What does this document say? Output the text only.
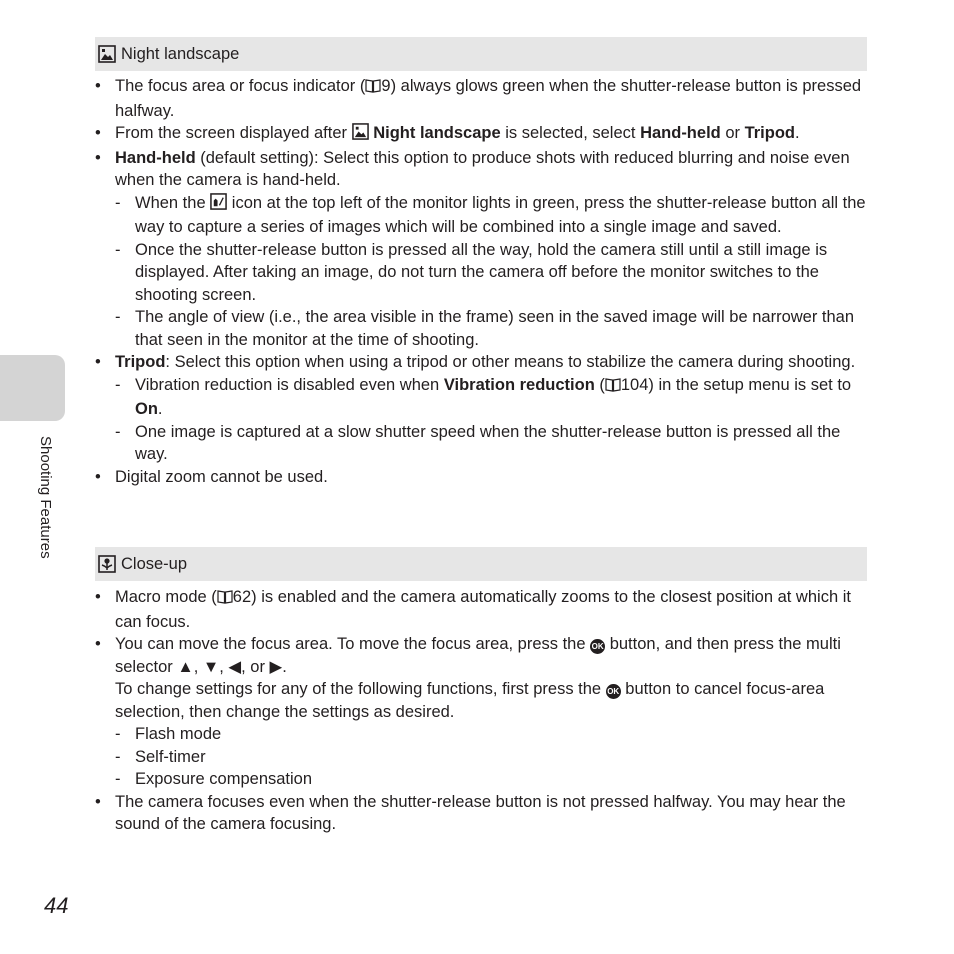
Shooting Features
44
Night landscape
• The focus area or focus indicator ( 9) always glows green when the shutter-release button is pressed halfway.
• From the screen displayed after  Night landscape is selected, select Hand-held or Tripod.
• Hand-held (default setting): Select this option to produce shots with reduced blurring and noise even when the camera is hand-held.
- When the  icon at the top left of the monitor lights in green, press the shutter-release button all the way to capture a series of images which will be combined into a single image and saved.
- Once the shutter-release button is pressed all the way, hold the camera still until a still image is displayed. After taking an image, do not turn the camera off before the monitor switches to the shooting screen.
- The angle of view (i.e., the area visible in the frame) seen in the saved image will be narrower than that seen in the monitor at the time of shooting.
• Tripod: Select this option when using a tripod or other means to stabilize the camera during shooting.
- Vibration reduction is disabled even when Vibration reduction ( 104) in the setup menu is set to On.
- One image is captured at a slow shutter speed when the shutter-release button is pressed all the way.
• Digital zoom cannot be used.
Close-up
• Macro mode ( 62) is enabled and the camera automatically zooms to the closest position at which it can focus.
• You can move the focus area. To move the focus area, press the OK button, and then press the multi selector ▲, ▼, ◀, or ▶.
To change settings for any of the following functions, first press the OK button to cancel focus-area selection, then change the settings as desired.
- Flash mode
- Self-timer
- Exposure compensation
• The camera focuses even when the shutter-release button is not pressed halfway. You may hear the sound of the camera focusing.
